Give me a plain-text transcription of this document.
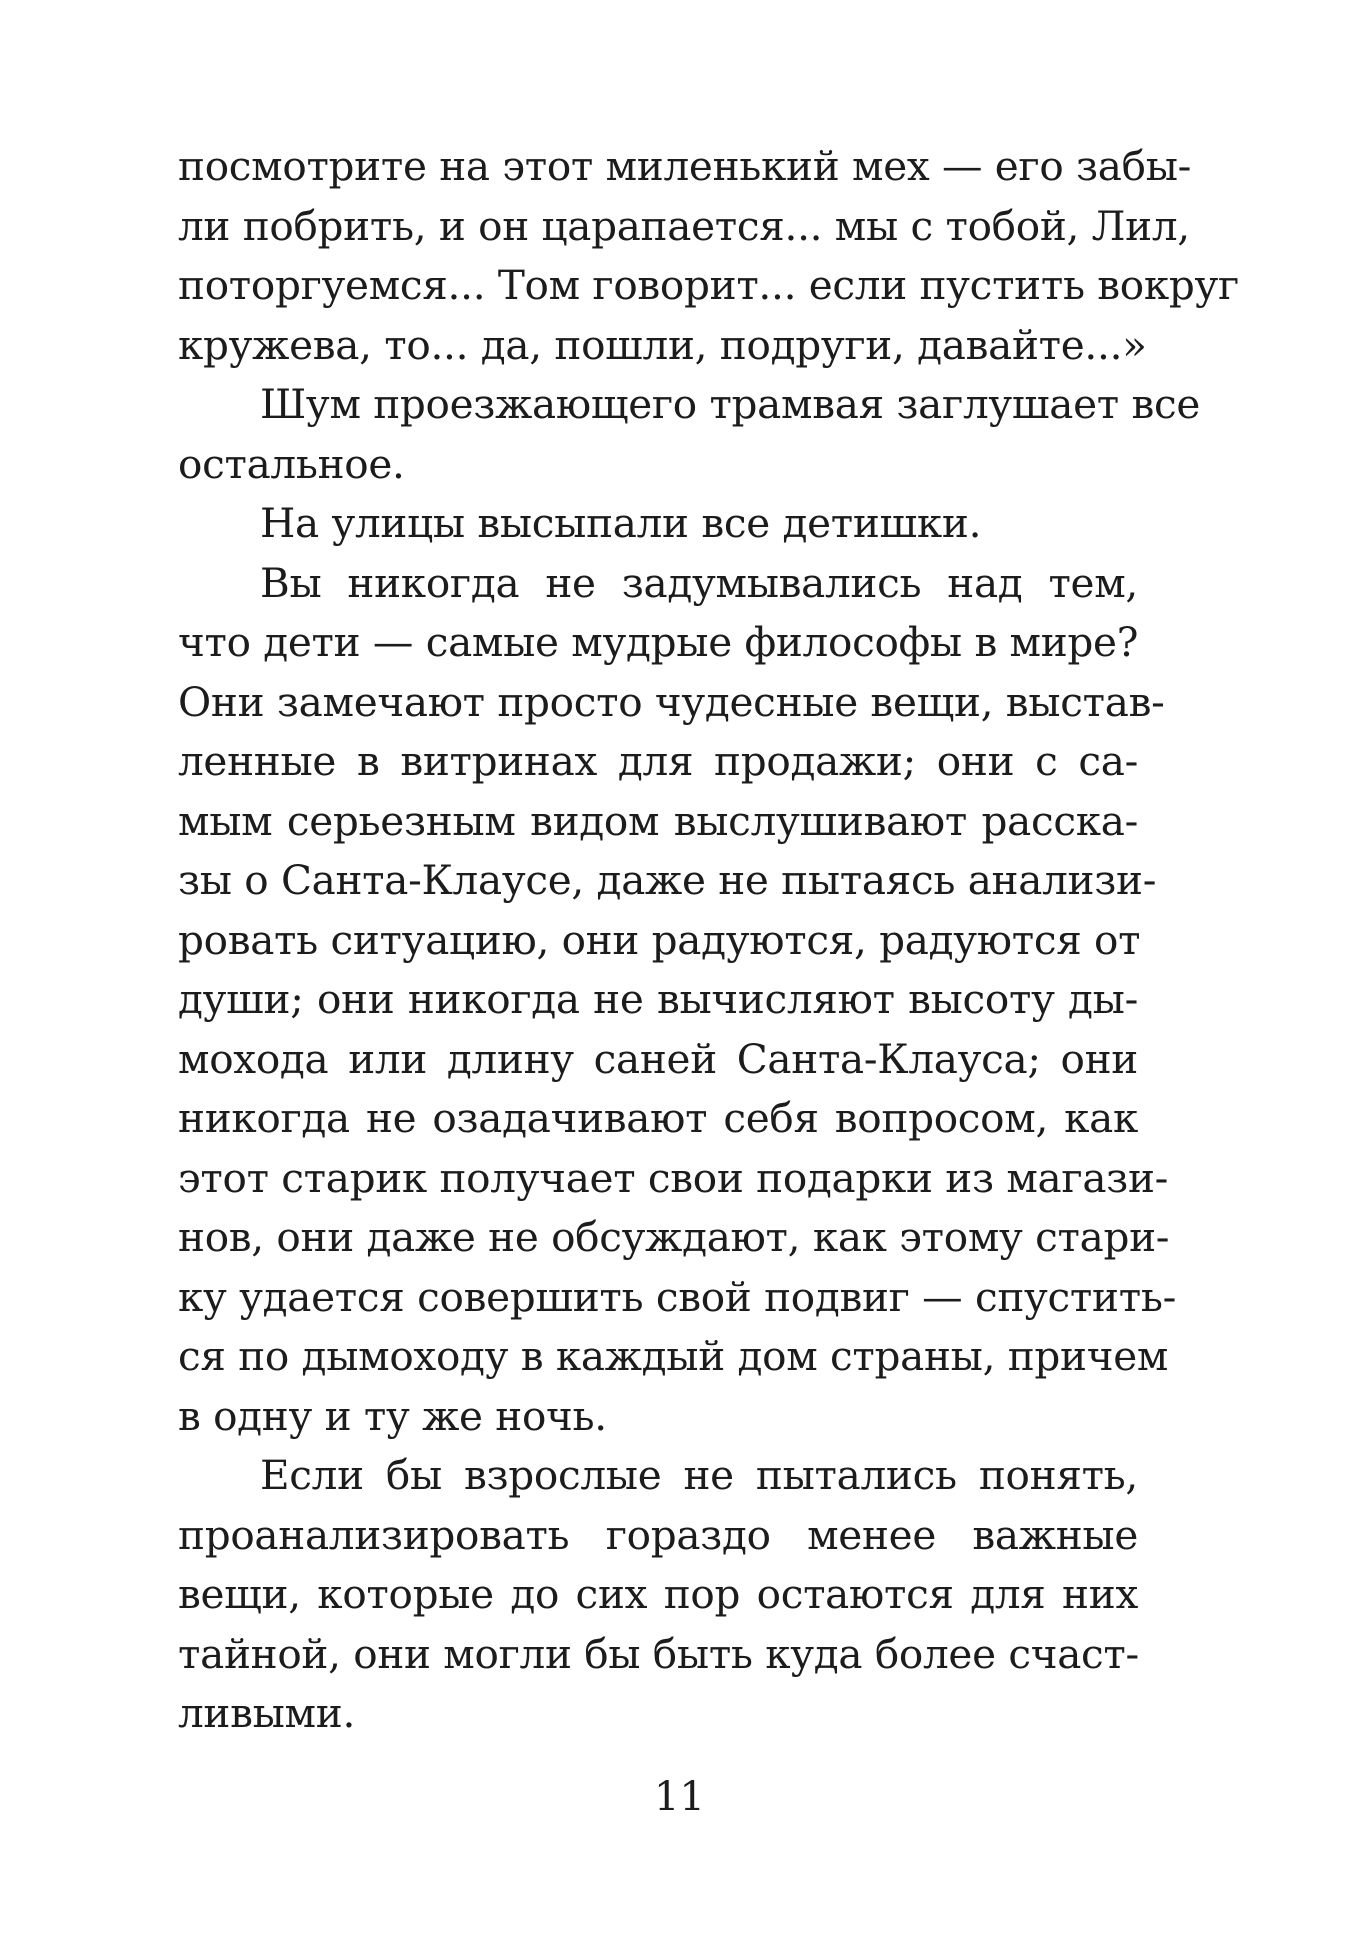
посмотрите на этот миленький мех — его забы-
ли побрить, и он царапается... мы с тобой, Лил,
поторгуемся... Том говорит... если пустить вокруг
кружева, то... да, пошли, подруги, давайте...»
Шум проезжающего трамвая заглушает все
остальное.
На улицы высыпали все детишки.
Вы никогда не задумывались над тем,
что дети — самые мудрые философы в мире?
Они замечают просто чудесные вещи, выстав-
ленные в витринах для продажи; они с са-
мым серьезным видом выслушивают расска-
зы о Санта-Клаусе, даже не пытаясь анализи-
ровать ситуацию, они радуются, радуются от
души; они никогда не вычисляют высоту ды-
мохода или длину саней Санта-Клауса; они
никогда не озадачивают себя вопросом, как
этот старик получает свои подарки из магази-
нов, они даже не обсуждают, как этому стари-
ку удается совершить свой подвиг — спустить-
ся по дымоходу в каждый дом страны, причем
в одну и ту же ночь.
Если бы взрослые не пытались понять,
проанализировать гораздо менее важные
вещи, которые до сих пор остаются для них
тайной, они могли бы быть куда более счаст-
ливыми.
11
